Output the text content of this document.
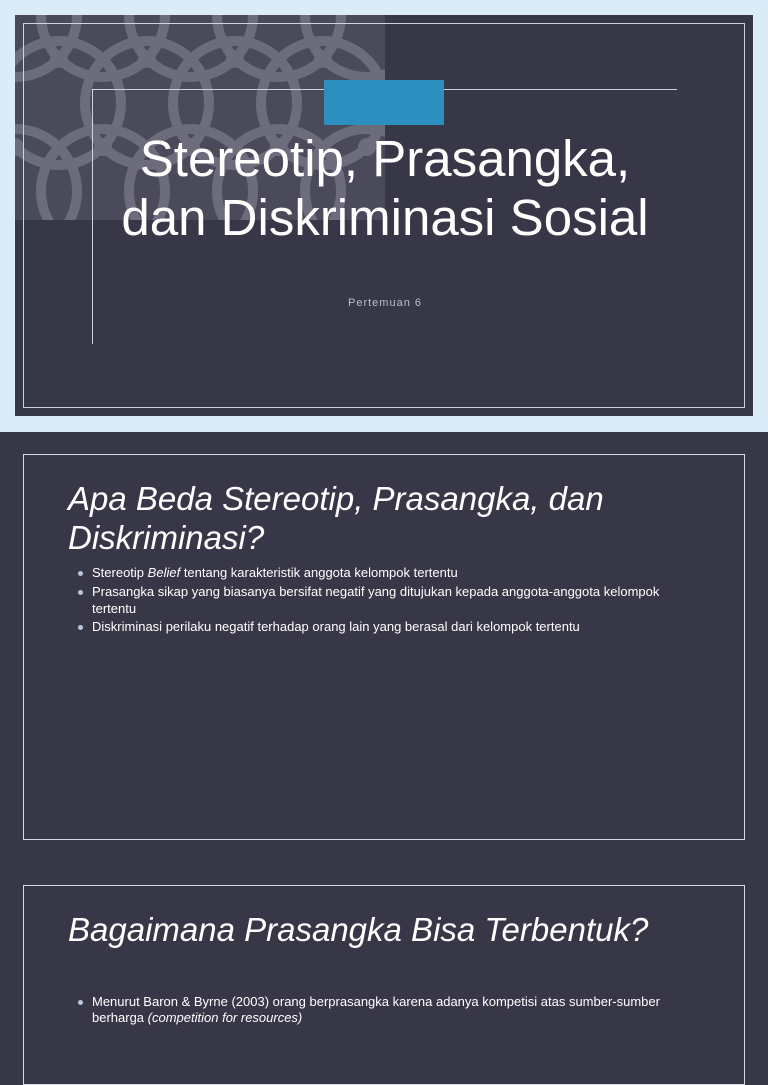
Stereotip, Prasangka, dan Diskriminasi Sosial
Pertemuan 6
Apa Beda Stereotip, Prasangka, dan Diskriminasi?
Stereotip Belief tentang karakteristik anggota kelompok tertentu
Prasangka sikap yang biasanya bersifat negatif yang ditujukan kepada anggota-anggota kelompok tertentu
Diskriminasi perilaku negatif terhadap orang lain yang berasal dari kelompok tertentu
Bagaimana Prasangka Bisa Terbentuk?
Menurut Baron & Byrne (2003) orang berprasangka karena adanya kompetisi atas sumber-sumber berharga (competition for resources)
